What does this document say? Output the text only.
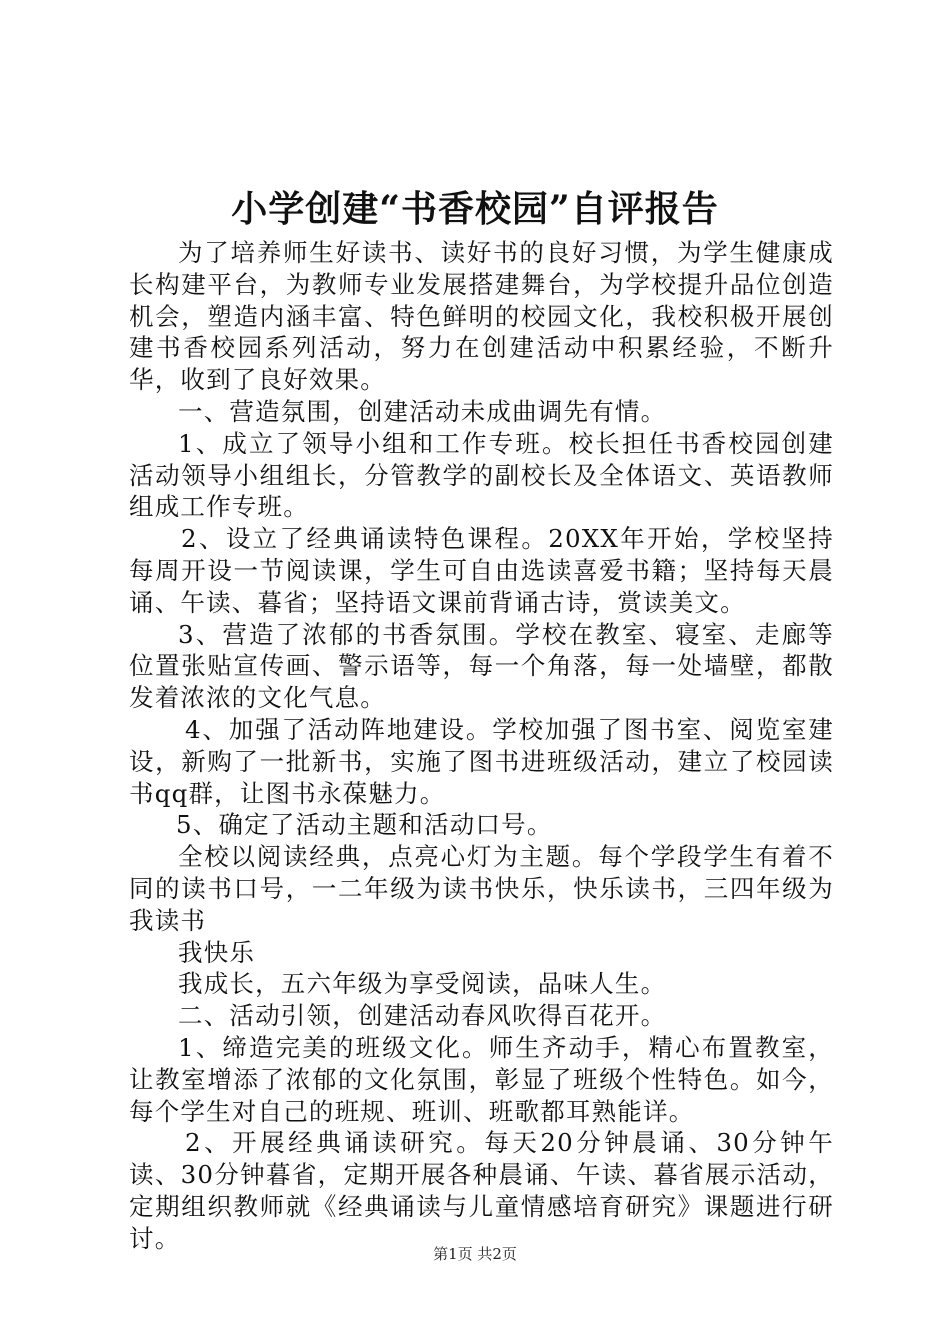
小学创建“书香校园”自评报告

为了培养师生好读书、读好书的良好习惯，为学生健康成长构建平台，为教师专业发展搭建舞台，为学校提升品位创造机会，塑造内涵丰富、特色鲜明的校园文化，我校积极开展创建书香校园系列活动，努力在创建活动中积累经验，不断升华，收到了良好效果。

一、营造氛围，创建活动未成曲调先有情。

1、成立了领导小组和工作专班。校长担任书香校园创建活动领导小组组长，分管教学的副校长及全体语文、英语教师组成工作专班。

2、设立了经典诵读特色课程。20XX年开始，学校坚持每周开设一节阅读课，学生可自由选读喜爱书籍；坚持每天晨诵、午读、暮省；坚持语文课前背诵古诗，赏读美文。

3、营造了浓郁的书香氛围。学校在教室、寝室、走廊等位置张贴宣传画、警示语等，每一个角落，每一处墙壁，都散发着浓浓的文化气息。

4、加强了活动阵地建设。学校加强了图书室、阅览室建设，新购了一批新书，实施了图书进班级活动，建立了校园读书qq群，让图书永葆魅力。

5、确定了活动主题和活动口号。

全校以阅读经典，点亮心灯为主题。每个学段学生有着不同的读书口号，一二年级为读书快乐，快乐读书，三四年级为我读书

我快乐

我成长，五六年级为享受阅读，品味人生。

二、活动引领，创建活动春风吹得百花开。

1、缔造完美的班级文化。师生齐动手，精心布置教室，让教室增添了浓郁的文化氛围，彰显了班级个性特色。如今，每个学生对自己的班规、班训、班歌都耳熟能详。

2、开展经典诵读研究。每天20分钟晨诵、30分钟午读、30分钟暮省，定期开展各种晨诵、午读、暮省展示活动，定期组织教师就《经典诵读与儿童情感培育研究》课题进行研讨。

第1页 共2页
